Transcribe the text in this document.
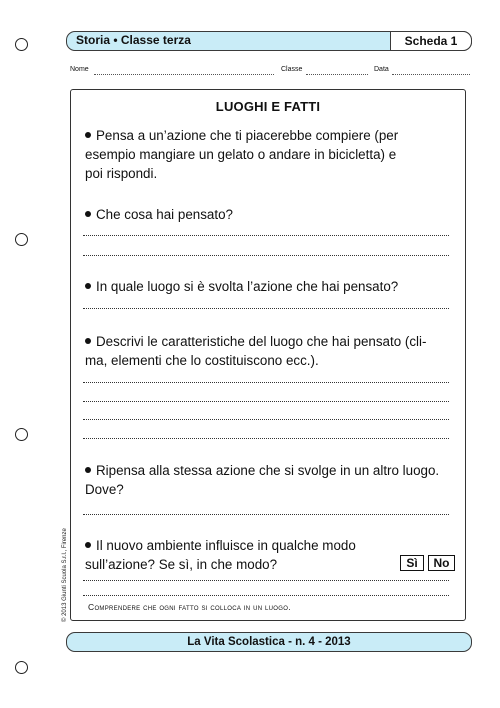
Storia • Classe terza	Scheda 1
Nome	Classe	Data
LUOGHI E FATTI
Pensa a un’azione che ti piacerebbe compiere (per
esempio mangiare un gelato o andare in bicicletta) e
poi rispondi.
Che cosa hai pensato?
In quale luogo si è svolta l’azione che hai pensato?
Descrivi le caratteristiche del luogo che hai pensato (cli-
ma, elementi che lo costituiscono ecc.).
Ripensa alla stessa azione che si svolge in un altro luogo.
Dove?
Il nuovo ambiente influisce in qualche modo
sull’azione? Se sì, in che modo?	Sì	No
Comprendere che ogni fatto si colloca in un luogo.
© 2013 Giunti Scuola S.r.l., Firenze
La Vita Scolastica - n. 4 - 2013
